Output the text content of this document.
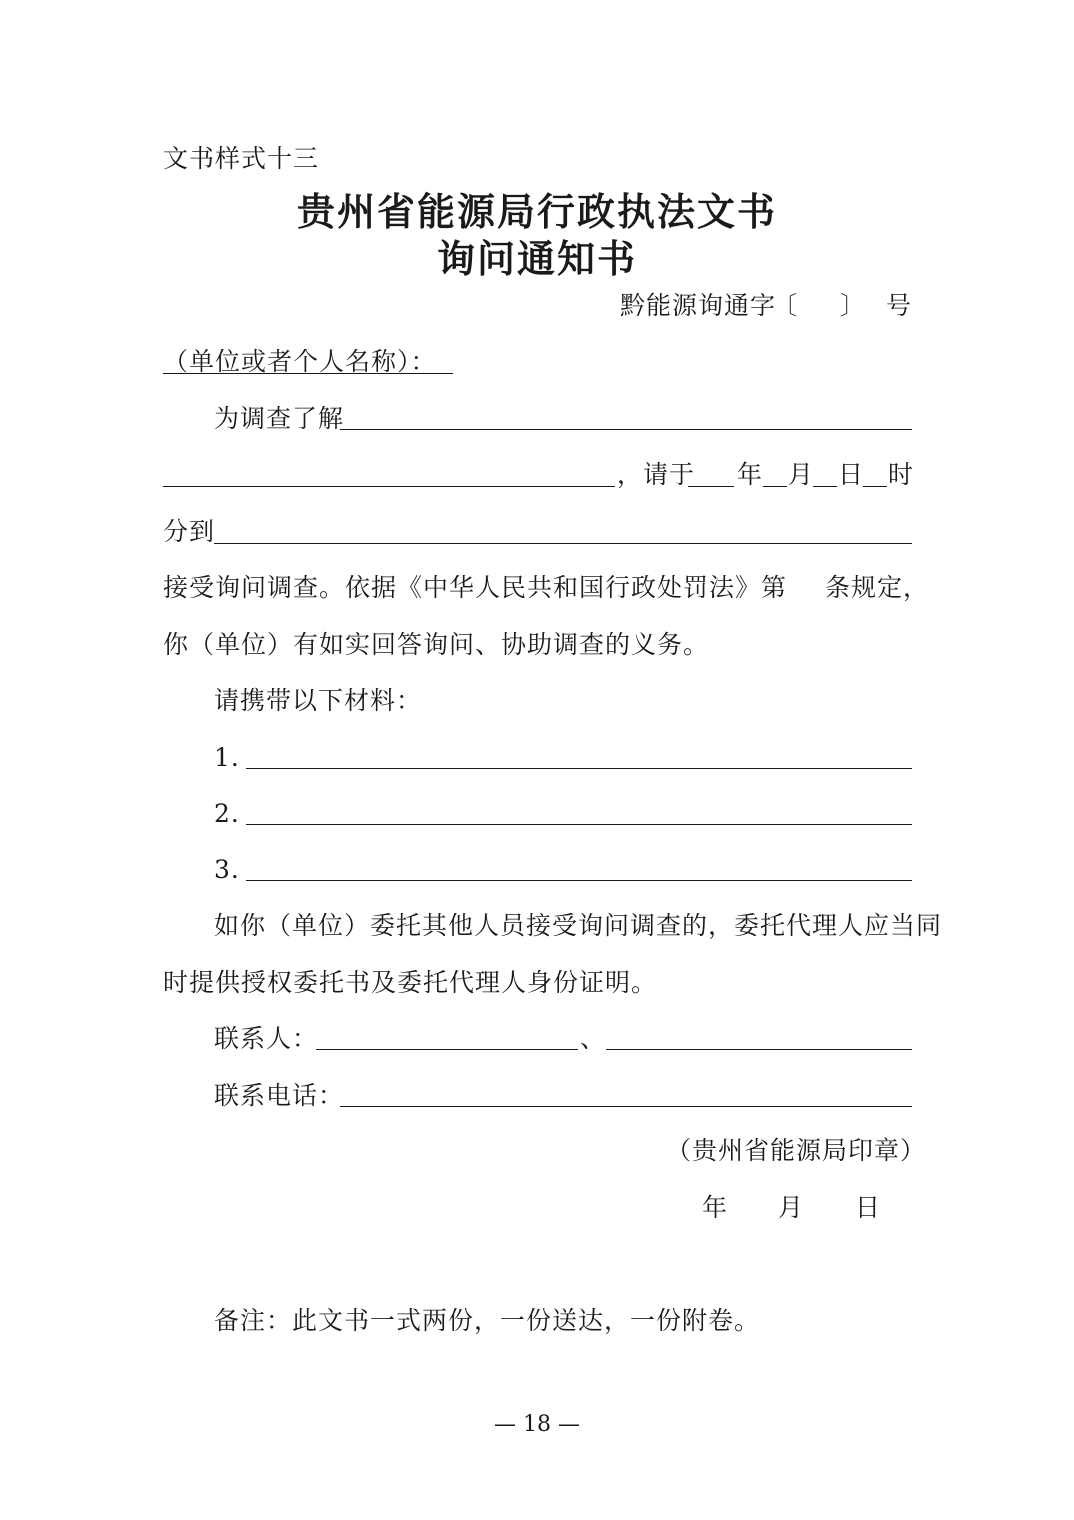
文书样式十三
贵州省能源局行政执法文书
询问通知书
黔能源询通字
〔 〕 号
（单位或者个人名称）：
为调查了解
，请于 年 月 日 时
分到
接受询问调查。依据《中华人民共和国行政处罚法》第 条规定，
你（单位）有如实回答询问、协助调查的义务。
请携带以下材料：
1.
2.
3.
如你（单位）委托其他人员接受询问调查的，委托代理人应当同
时提供授权委托书及委托代理人身份证明。
联系人：	、
联系电话：
（贵州省能源局印章）
年 月 日
备注：此文书一式两份，一份送达，一份附卷。
— 18 —
